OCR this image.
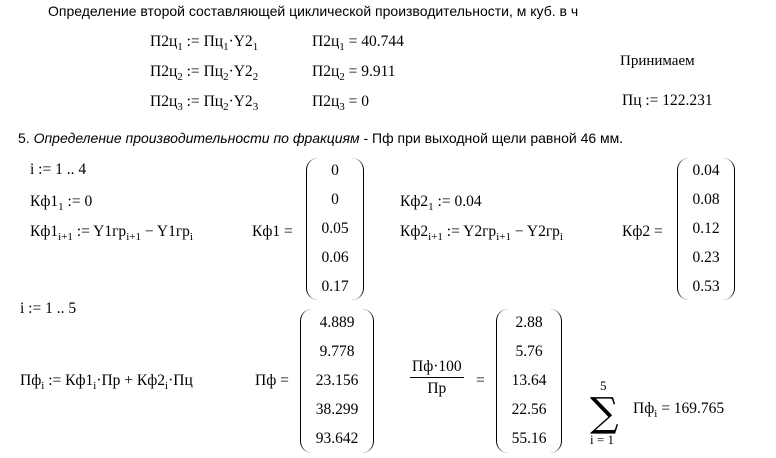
Определение второй составляющей циклической производительности, м куб. в ч
$П2ц_1$ := $Пц_1\cdot Y2_1$	$П2ц_1 = 40.744$
$П2ц_2$ := $Пц_2\cdot Y2_2$	$П2ц_2 = 9.911$
$П2ц_3$ := $Пц_2\cdot Y2_3$	$П2ц_3 = 0$
Принимаем
Пц := 122.231
5. Определение производительности по фракциям - Пф при выходной щели равной 46 мм.
i := 1 .. 4
$Кф1_1$ := 0
$Кф1_{i+1}$ := $Y1гр_{i+1} - Y1гр_i$	Кф1 =
0
0
0.05
0.06
0.17
$Кф2_1$ := 0.04
$Кф2_{i+1}$ := $Y2гр_{i+1} - Y2гр_i$	Кф2 =
0.04
0.08
0.12
0.23
0.53
i := 1 .. 5
$Пф_i$ := $Кф1_i\cdot Пр + Кф2_i\cdot Пц$	Пф =
4.889
9.778
23.156
38.299
93.642
Пф·100
Пр	=
2.88
5.76
13.64
22.56
55.16
5
∑
i = 1
$Пф_i = 169.765$
